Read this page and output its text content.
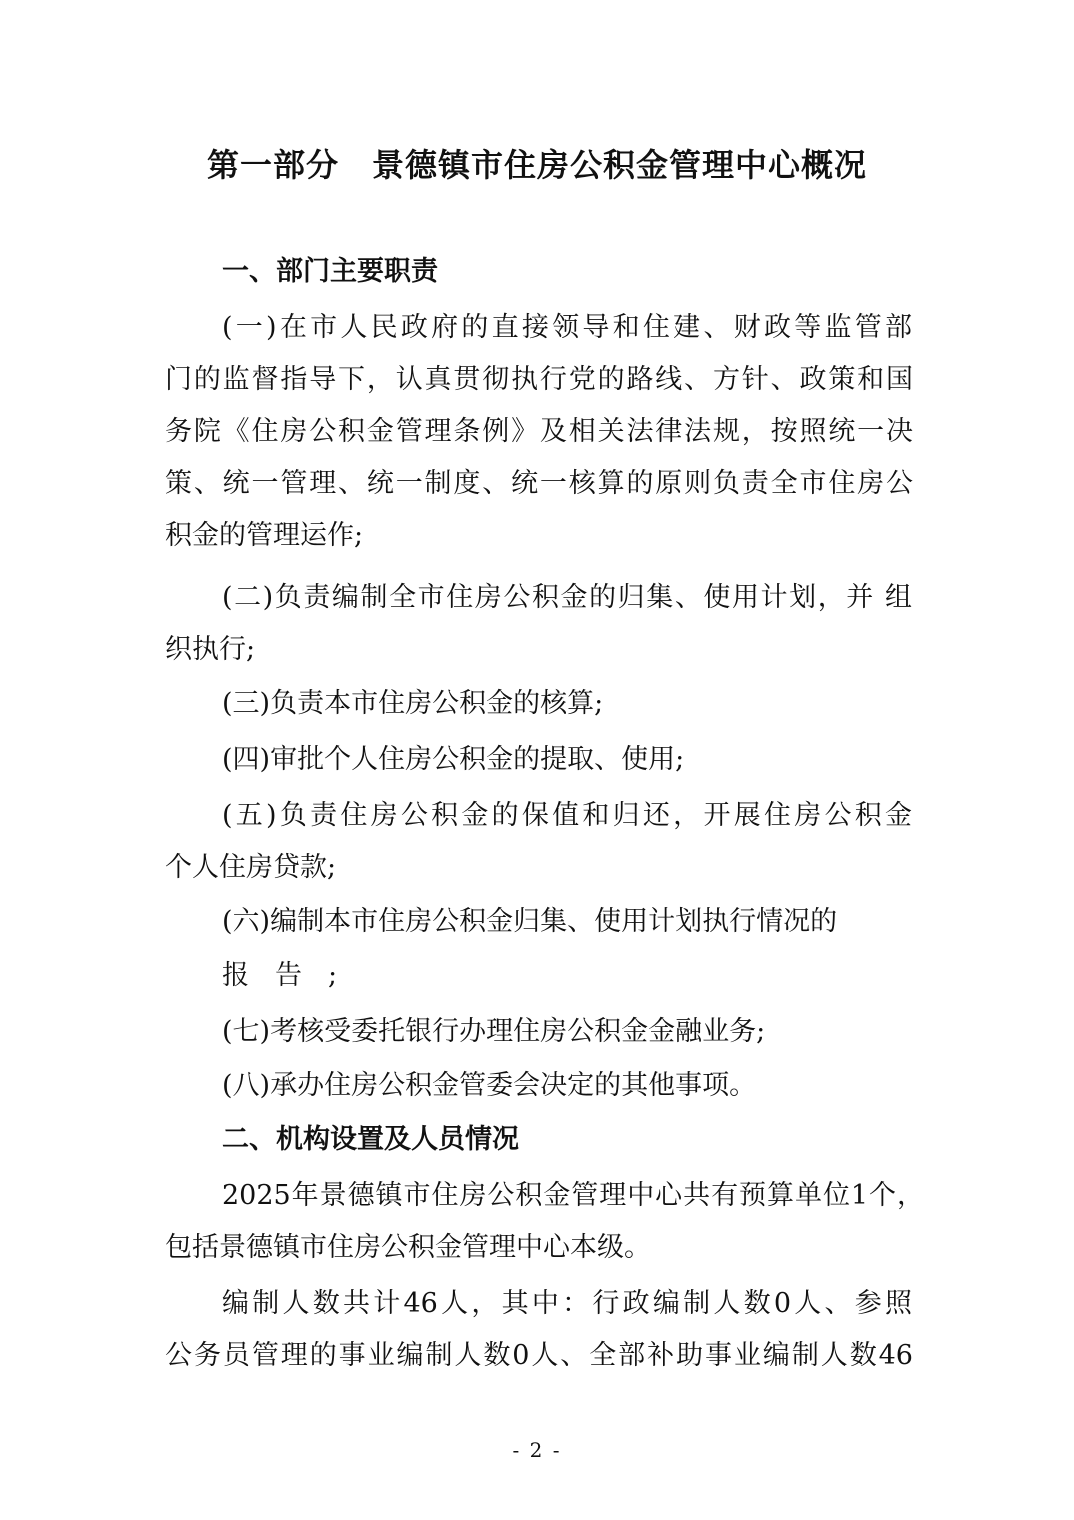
第一部分　景德镇市住房公积金管理中心概况
一、部门主要职责
(一)在市人民政府的直接领导和住建、财政等监管部
门的监督指导下，认真贯彻执行党的路线、方针、政策和国
务院《住房公积金管理条例》及相关法律法规，按照统一决
策、统一管理、统一制度、统一核算的原则负责全市住房公
积金的管理运作;
(二)负责编制全市住房公积金的归集、使用计划，并 组
织执行;
(三)负责本市住房公积金的核算;
(四)审批个人住房公积金的提取、使用;
(五)负责住房公积金的保值和归还，开展住房公积金
个人住房贷款;
(六)编制本市住房公积金归集、使用计划执行情况的
报告;
(七)考核受委托银行办理住房公积金金融业务;
(八)承办住房公积金管委会决定的其他事项。
二、机构设置及人员情况
2025年景德镇市住房公积金管理中心共有预算单位1个，
包括景德镇市住房公积金管理中心本级。
编制人数共计46人，其中：行政编制人数0人、参照
公务员管理的事业编制人数0人、全部补助事业编制人数46
- 2 -
